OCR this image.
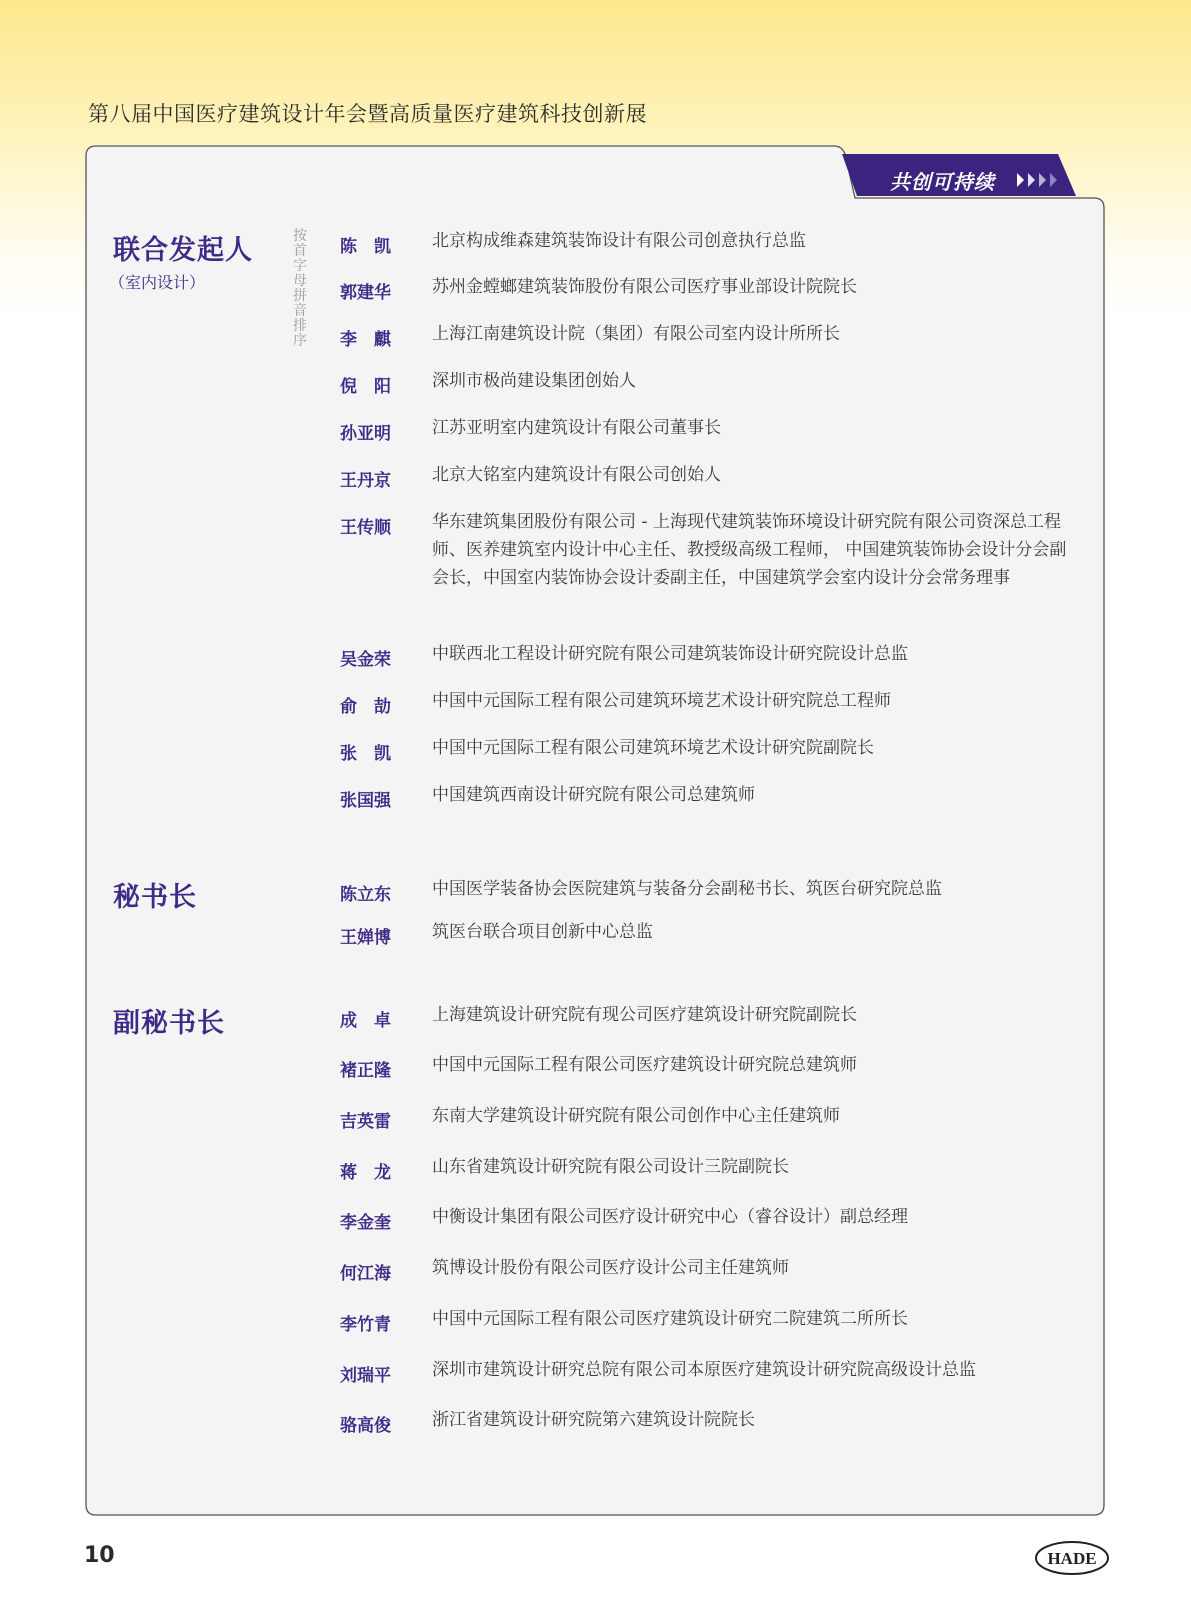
第八届中国医疗建筑设计年会暨高质量医疗建筑科技创新展
共创可持续
联合发起人
（室内设计）
按首字母拼音排序
陈　凯	北京构成维森建筑装饰设计有限公司创意执行总监
郭建华	苏州金螳螂建筑装饰股份有限公司医疗事业部设计院院长
李　麒	上海江南建筑设计院（集团）有限公司室内设计所所长
倪　阳	深圳市极尚建设集团创始人
孙亚明	江苏亚明室内建筑设计有限公司董事长
王丹京	北京大铭室内建筑设计有限公司创始人
王传顺	华东建筑集团股份有限公司 - 上海现代建筑装饰环境设计研究院有限公司资深总工程师、医养建筑室内设计中心主任、教授级高级工程师， 中国建筑装饰协会设计分会副会长，中国室内装饰协会设计委副主任，中国建筑学会室内设计分会常务理事
吴金荣	中联西北工程设计研究院有限公司建筑装饰设计研究院设计总监
俞　劼	中国中元国际工程有限公司建筑环境艺术设计研究院总工程师
张　凯	中国中元国际工程有限公司建筑环境艺术设计研究院副院长
张国强	中国建筑西南设计研究院有限公司总建筑师
秘书长	陈立东	中国医学装备协会医院建筑与装备分会副秘书长、筑医台研究院总监
王婵博	筑医台联合项目创新中心总监
副秘书长	成　卓	上海建筑设计研究院有现公司医疗建筑设计研究院副院长
褚正隆	中国中元国际工程有限公司医疗建筑设计研究院总建筑师
吉英雷	东南大学建筑设计研究院有限公司创作中心主任建筑师
蒋　龙	山东省建筑设计研究院有限公司设计三院副院长
李金奎	中衡设计集团有限公司医疗设计研究中心（睿谷设计）副总经理
何江海	筑博设计股份有限公司医疗设计公司主任建筑师
李竹青	中国中元国际工程有限公司医疗建筑设计研究二院建筑二所所长
刘瑞平	深圳市建筑设计研究总院有限公司本原医疗建筑设计研究院高级设计总监
骆高俊	浙江省建筑设计研究院第六建筑设计院院长
10	HADE
